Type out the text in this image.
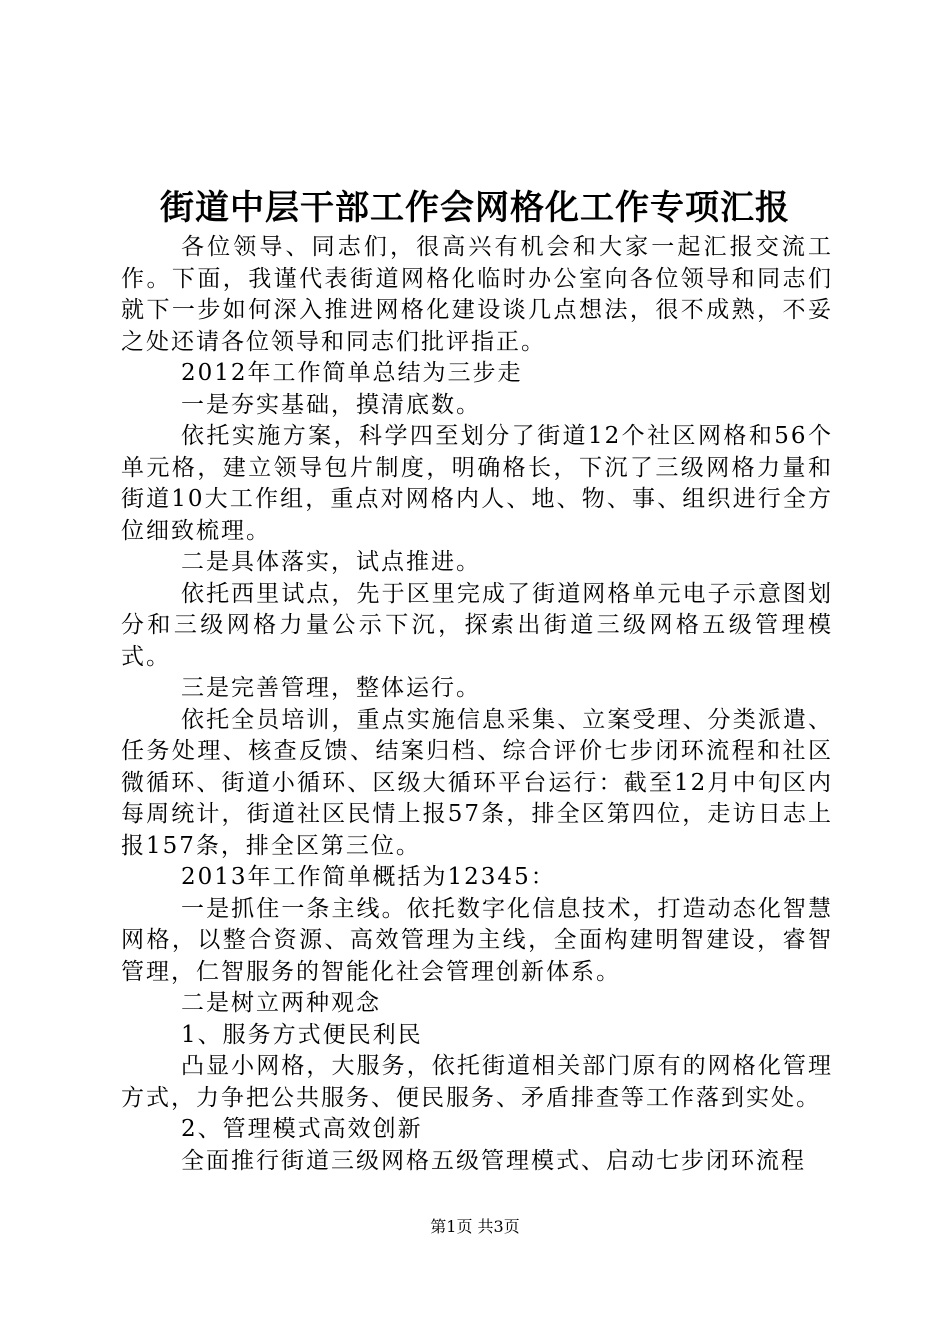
街道中层干部工作会网格化工作专项汇报

各位领导、同志们，很高兴有机会和大家一起汇报交流工作。下面，我谨代表街道网格化临时办公室向各位领导和同志们就下一步如何深入推进网格化建设谈几点想法，很不成熟，不妥之处还请各位领导和同志们批评指正。

2012年工作简单总结为三步走

一是夯实基础，摸清底数。

依托实施方案，科学四至划分了街道12个社区网格和56个单元格，建立领导包片制度，明确格长，下沉了三级网格力量和街道10大工作组，重点对网格内人、地、物、事、组织进行全方位细致梳理。

二是具体落实，试点推进。

依托西里试点，先于区里完成了街道网格单元电子示意图划分和三级网格力量公示下沉，探索出街道三级网格五级管理模式。

三是完善管理，整体运行。

依托全员培训，重点实施信息采集、立案受理、分类派遣、任务处理、核查反馈、结案归档、综合评价七步闭环流程和社区微循环、街道小循环、区级大循环平台运行：截至12月中旬区内每周统计，街道社区民情上报57条，排全区第四位，走访日志上报157条，排全区第三位。

2013年工作简单概括为12345：

一是抓住一条主线。依托数字化信息技术，打造动态化智慧网格，以整合资源、高效管理为主线，全面构建明智建设，睿智管理，仁智服务的智能化社会管理创新体系。

二是树立两种观念

1、服务方式便民利民

凸显小网格，大服务，依托街道相关部门原有的网格化管理方式，力争把公共服务、便民服务、矛盾排查等工作落到实处。

2、管理模式高效创新

全面推行街道三级网格五级管理模式、启动七步闭环流程

第1页 共3页
